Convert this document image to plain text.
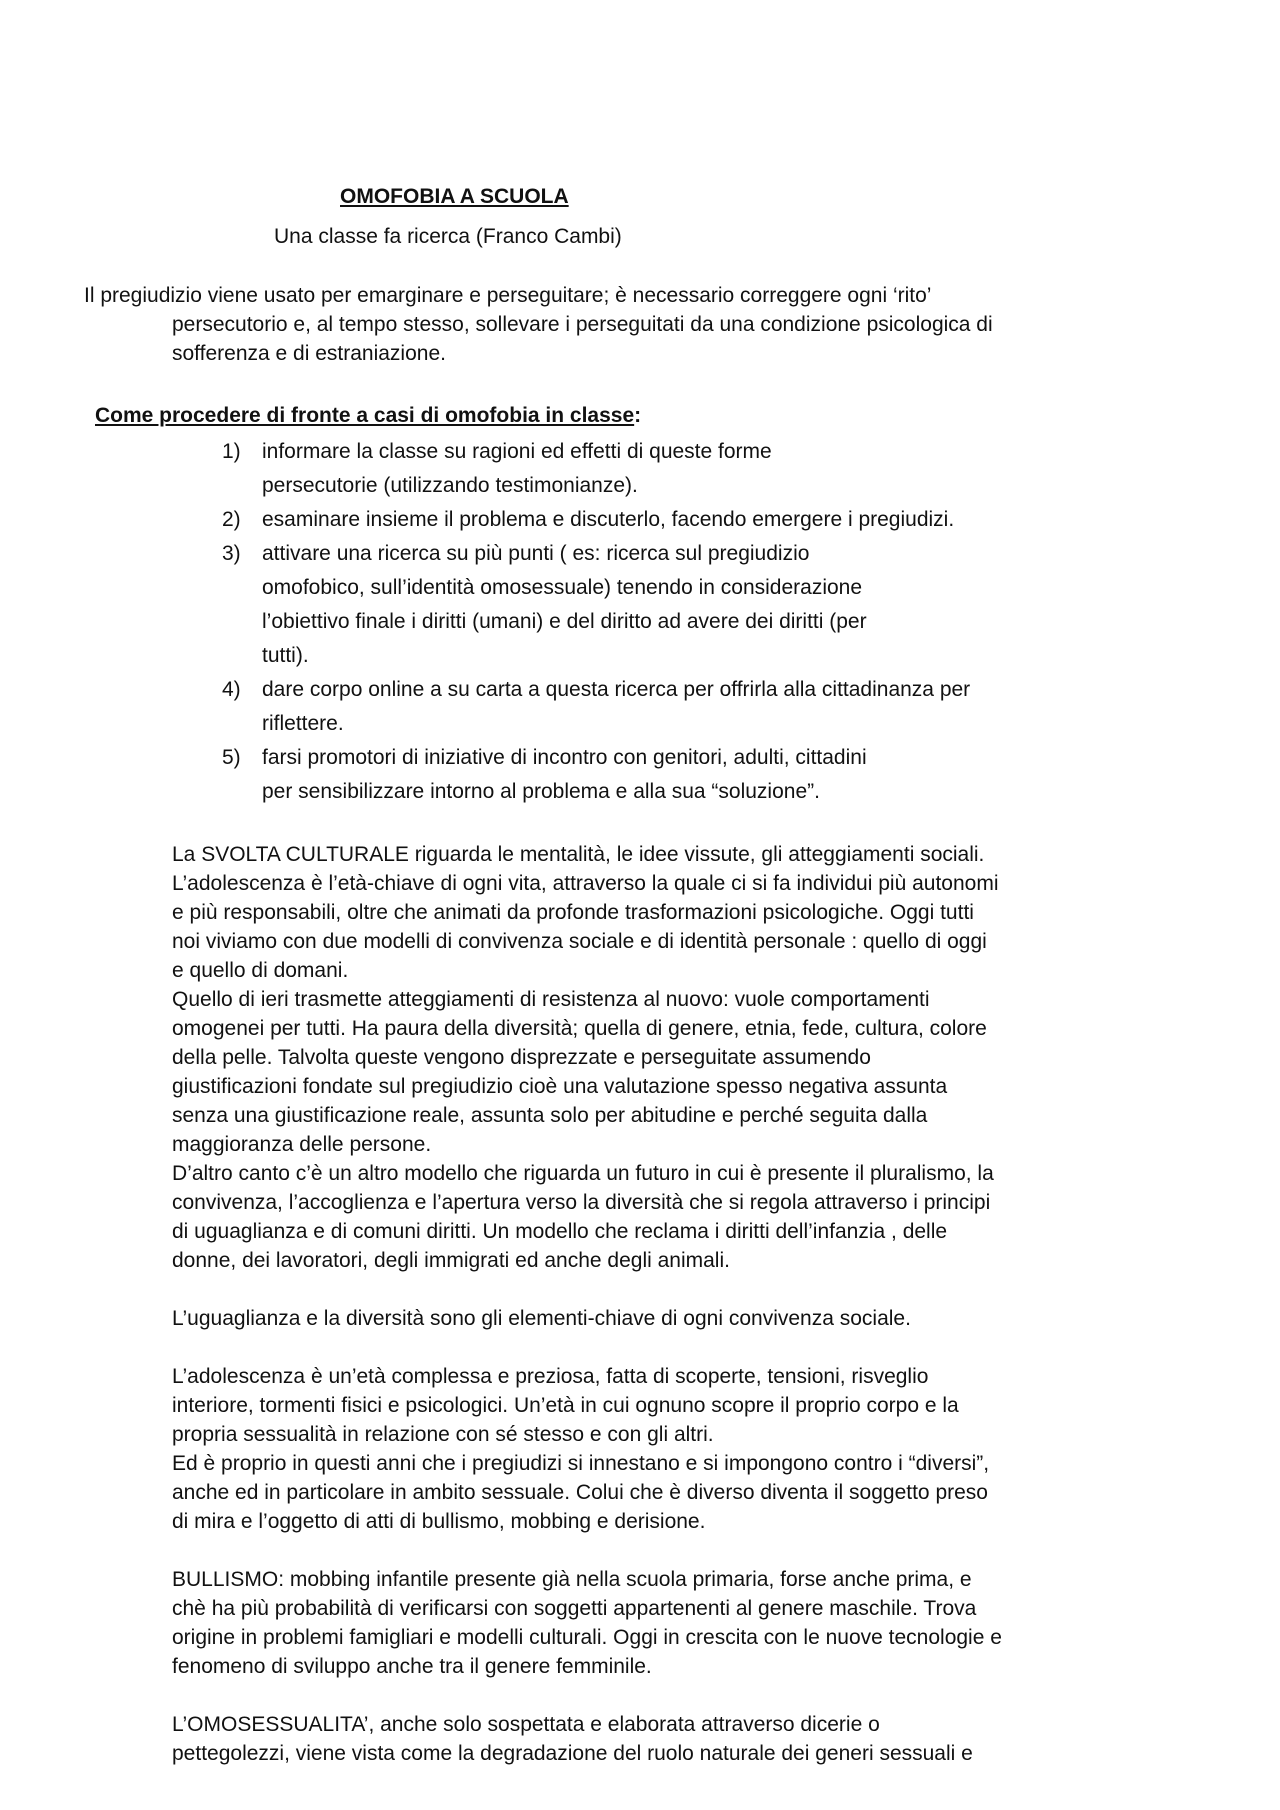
OMOFOBIA A SCUOLA
Una classe fa ricerca (Franco Cambi)
Il pregiudizio viene usato per emarginare e perseguitare; è necessario correggere ogni ‘rito’
persecutorio e, al tempo stesso, sollevare i perseguitati da una condizione psicologica di
sofferenza e di estraniazione.
Come procedere di fronte a casi di omofobia in classe:
1) informare la classe su ragioni ed effetti di queste forme
persecutorie (utilizzando testimonianze).
2) esaminare insieme il problema e discuterlo, facendo emergere i pregiudizi.
3) attivare una ricerca su più punti ( es: ricerca sul pregiudizio
omofobico, sull’identità omosessuale) tenendo in considerazione
l’obiettivo finale i diritti (umani) e del diritto ad avere dei diritti (per
tutti).
4) dare corpo online a su carta a questa ricerca per offrirla alla cittadinanza per
riflettere.
5) farsi promotori di iniziative di incontro con genitori, adulti, cittadini
per sensibilizzare intorno al problema e alla sua “soluzione”.
La SVOLTA CULTURALE riguarda le mentalità, le idee vissute, gli atteggiamenti sociali.
L’adolescenza è l’età-chiave di ogni vita, attraverso la quale ci si fa individui più autonomi
e più responsabili, oltre che animati da profonde trasformazioni psicologiche. Oggi tutti
noi viviamo con due modelli di convivenza sociale e di identità personale : quello di oggi
e quello di domani.
Quello di ieri trasmette atteggiamenti di resistenza al nuovo: vuole comportamenti
omogenei per tutti. Ha paura della diversità; quella di genere, etnia, fede, cultura, colore
della pelle. Talvolta queste vengono disprezzate e perseguitate assumendo
giustificazioni fondate sul pregiudizio cioè una valutazione spesso negativa assunta
senza una giustificazione reale, assunta solo per abitudine e perché seguita dalla
maggioranza delle persone.
D’altro canto c’è un altro modello che riguarda un futuro in cui è presente il pluralismo, la
convivenza, l’accoglienza e l’apertura verso la diversità che si regola attraverso i principi
di uguaglianza e di comuni diritti. Un modello che reclama i diritti dell’infanzia , delle
donne, dei lavoratori, degli immigrati ed anche degli animali.
L’uguaglianza e la diversità sono gli elementi-chiave di ogni convivenza sociale.
L’adolescenza è un’età complessa e preziosa, fatta di scoperte, tensioni, risveglio
interiore, tormenti fisici e psicologici. Un’età in cui ognuno scopre il proprio corpo e la
propria sessualità in relazione con sé stesso e con gli altri.
Ed è proprio in questi anni che i pregiudizi si innestano e si impongono contro i “diversi”,
anche ed in particolare in ambito sessuale. Colui che è diverso diventa il soggetto preso
di mira e l’oggetto di atti di bullismo, mobbing e derisione.
BULLISMO: mobbing infantile presente già nella scuola primaria, forse anche prima, e
chè ha più probabilità di verificarsi con soggetti appartenenti al genere maschile. Trova
origine in problemi famigliari e modelli culturali. Oggi in crescita con le nuove tecnologie e
fenomeno di sviluppo anche tra il genere femminile.
L’OMOSESSUALITA’, anche solo sospettata e elaborata attraverso dicerie o
pettegolezzi, viene vista come la degradazione del ruolo naturale dei generi sessuali e
